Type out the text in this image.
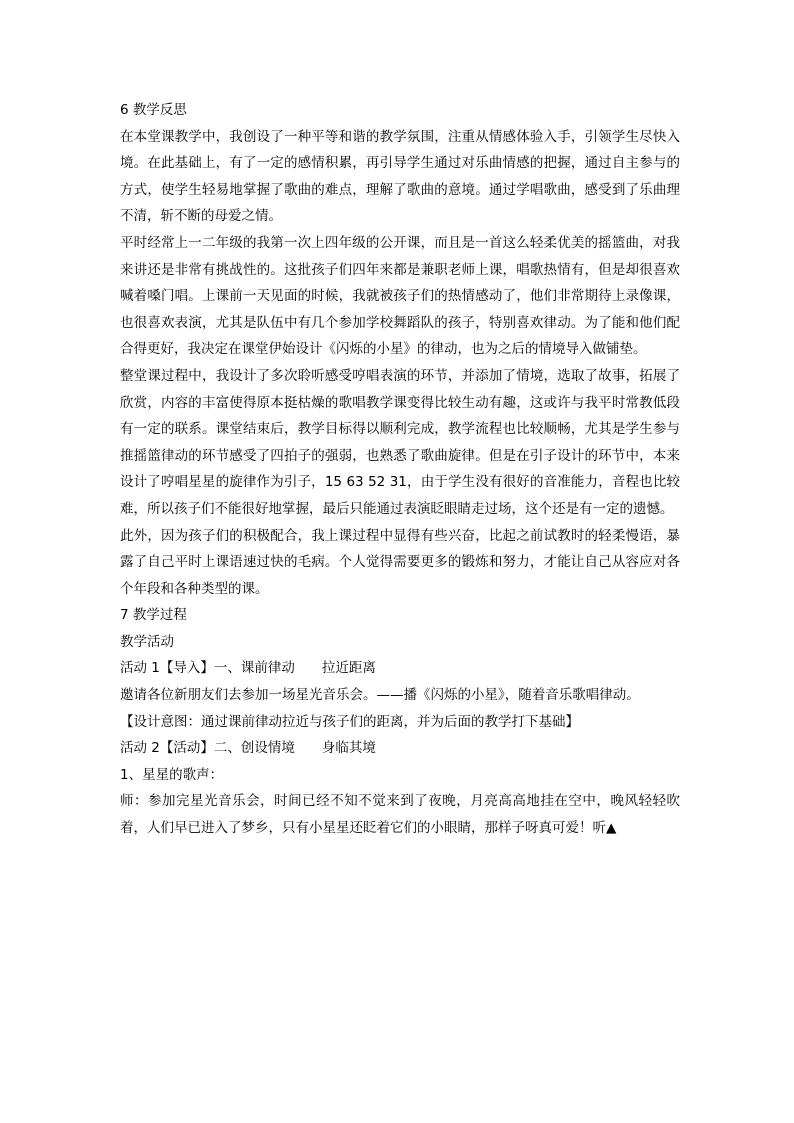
6 教学反思

在本堂课教学中，我创设了一种平等和谐的教学氛围，注重从情感体验入手，引领学生尽快入境。在此基础上，有了一定的感情积累，再引导学生通过对乐曲情感的把握，通过自主参与的方式，使学生轻易地掌握了歌曲的难点，理解了歌曲的意境。通过学唱歌曲，感受到了乐曲理不清，斩不断的母爱之情。

平时经常上一二年级的我第一次上四年级的公开课，而且是一首这么轻柔优美的摇篮曲，对我来讲还是非常有挑战性的。这批孩子们四年来都是兼职老师上课，唱歌热情有，但是却很喜欢喊着嗓门唱。上课前一天见面的时候，我就被孩子们的热情感动了，他们非常期待上录像课，也很喜欢表演，尤其是队伍中有几个参加学校舞蹈队的孩子，特别喜欢律动。为了能和他们配合得更好，我决定在课堂伊始设计《闪烁的小星》的律动，也为之后的情境导入做铺垫。

整堂课过程中，我设计了多次聆听感受哼唱表演的环节，并添加了情境，选取了故事，拓展了欣赏，内容的丰富使得原本挺枯燥的歌唱教学课变得比较生动有趣，这或许与我平时常教低段有一定的联系。课堂结束后，教学目标得以顺利完成，教学流程也比较顺畅，尤其是学生参与推摇篮律动的环节感受了四拍子的强弱，也熟悉了歌曲旋律。但是在引子设计的环节中，本来设计了哼唱星星的旋律作为引子，15 63 52 31，由于学生没有很好的音准能力，音程也比较难，所以孩子们不能很好地掌握，最后只能通过表演眨眼睛走过场，这个还是有一定的遗憾。

此外，因为孩子们的积极配合，我上课过程中显得有些兴奋，比起之前试教时的轻柔慢语，暴露了自己平时上课语速过快的毛病。个人觉得需要更多的锻炼和努力，才能让自己从容应对各个年段和各种类型的课。

7 教学过程

教学活动

活动 1【导入】一、课前律动　　拉近距离

邀请各位新朋友们去参加一场星光音乐会。——播《闪烁的小星》，随着音乐歌唱律动。

【设计意图：通过课前律动拉近与孩子们的距离，并为后面的教学打下基础】

活动 2【活动】二、创设情境　　身临其境

1、星星的歌声：

师：参加完星光音乐会，时间已经不知不觉来到了夜晚，月亮高高地挂在空中，晚风轻轻吹着，人们早已进入了梦乡，只有小星星还眨着它们的小眼睛，那样子呀真可爱！听▲
